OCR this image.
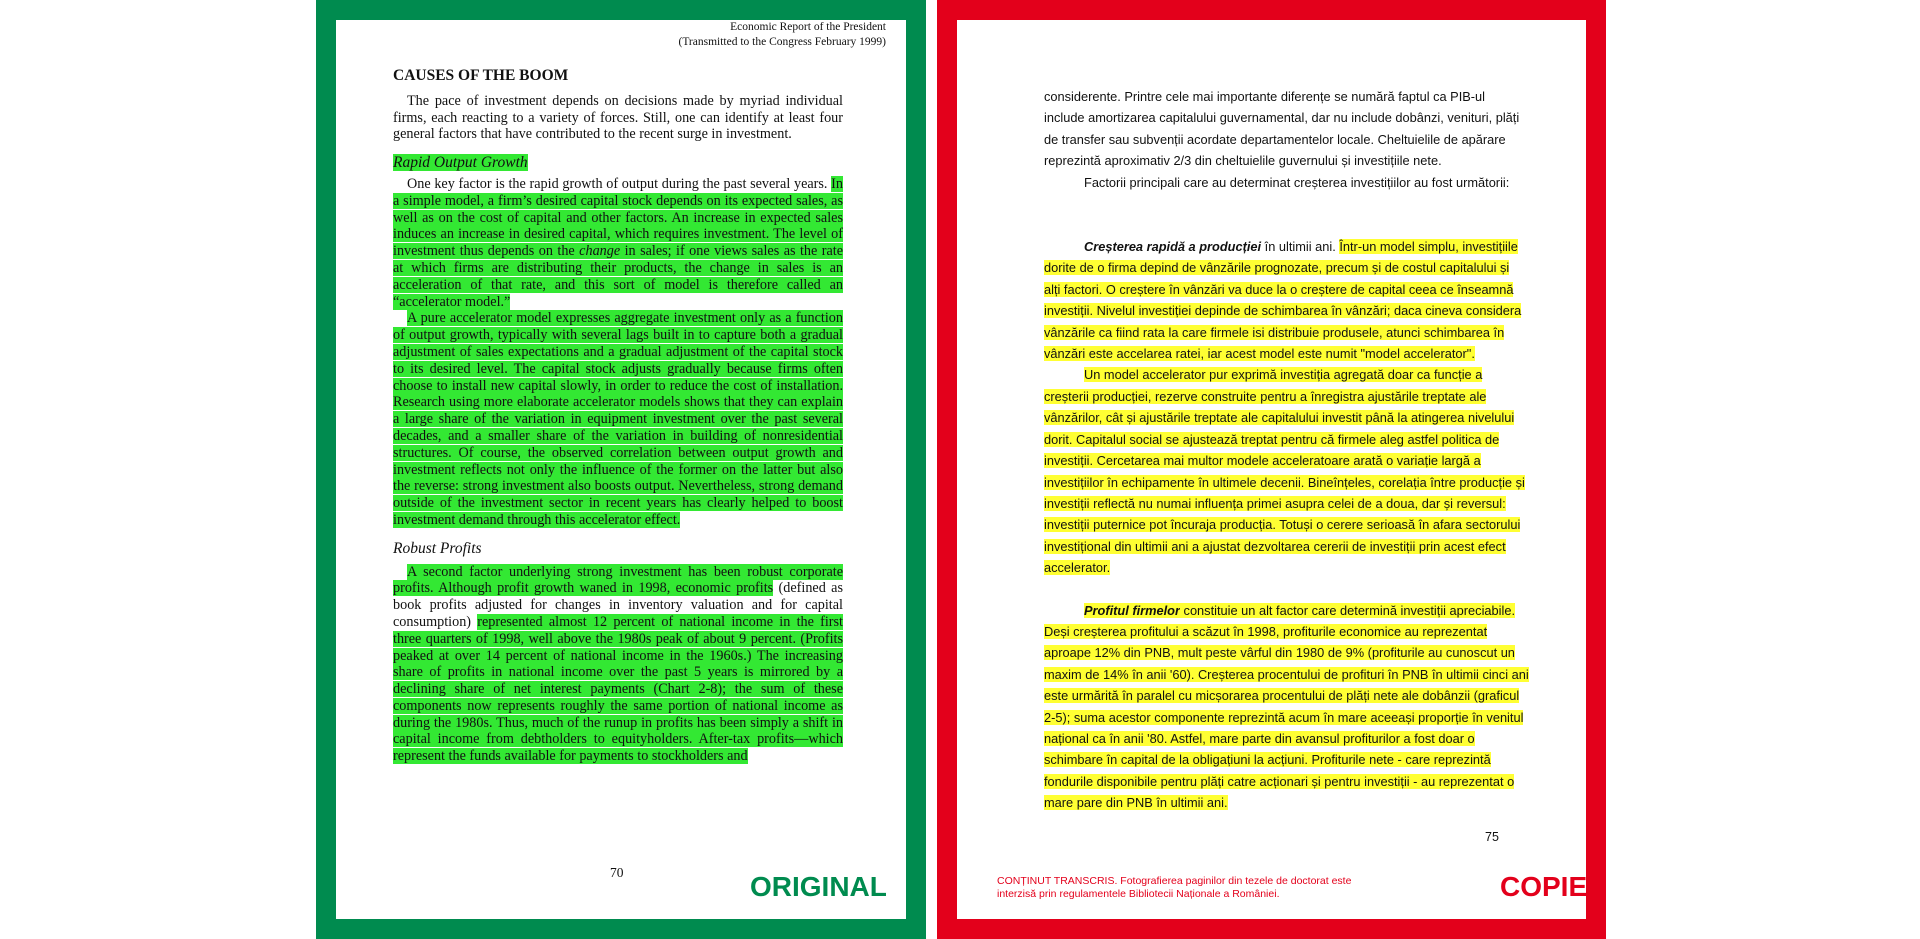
Economic Report of the President
(Transmitted to the Congress February 1999)
CAUSES OF THE BOOM

The pace of investment depends on decisions made by myriad individual firms, each reacting to a variety of forces. Still, one can identify at least four general factors that have contributed to the recent surge in investment.

Rapid Output Growth

One key factor is the rapid growth of output during the past several years. In a simple model, a firm’s desired capital stock depends on its expected sales, as well as on the cost of capital and other factors. An increase in expected sales induces an increase in desired capital, which requires investment. The level of investment thus depends on the change in sales; if one views sales as the rate at which firms are distributing their products, the change in sales is an acceleration of that rate, and this sort of model is therefore called an “accelerator model.”

A pure accelerator model expresses aggregate investment only as a function of output growth, typically with several lags built in to capture both a gradual adjustment of sales expectations and a gradual adjustment of the capital stock to its desired level. The capital stock adjusts gradually because firms often choose to install new capital slowly, in order to reduce the cost of installation. Research using more elaborate accelerator models shows that they can explain a large share of the variation in equipment investment over the past several decades, and a smaller share of the variation in building of nonresidential structures. Of course, the observed correlation between output growth and investment reflects not only the influence of the former on the latter but also the reverse: strong investment also boosts output. Nevertheless, strong demand outside of the investment sector in recent years has clearly helped to boost investment demand through this accelerator effect.

Robust Profits

A second factor underlying strong investment has been robust corporate profits. Although profit growth waned in 1998, economic profits (defined as book profits adjusted for changes in inventory valuation and for capital consumption) represented almost 12 percent of national income in the first three quarters of 1998, well above the 1980s peak of about 9 percent. (Profits peaked at over 14 percent of national income in the 1960s.) The increasing share of profits in national income over the past 5 years is mirrored by a declining share of net interest payments (Chart 2-8); the sum of these components now represents roughly the same portion of national income as during the 1980s. Thus, much of the runup in profits has been simply a shift in capital income from debtholders to equityholders. After-tax profits—which represent the funds available for payments to stockholders and

70	ORIGINAL

considerente. Printre cele mai importante diferențe se numără faptul ca PIB-ul include amortizarea capitalului guvernamental, dar nu include dobânzi, venituri, plăți de transfer sau subvenții acordate departamentelor locale. Cheltuielile de apărare reprezintă aproximativ 2/3 din cheltuielile guvernului și investițiile nete.

Factorii principali care au determinat creșterea investițiilor au fost următorii:

Creșterea rapidă a producției în ultimii ani. Într-un model simplu, investițiile dorite de o firma depind de vânzările prognozate, precum și de costul capitalului și alți factori. O creștere în vânzări va duce la o creștere de capital ceea ce înseamnă investiții. Nivelul investiției depinde de schimbarea în vânzări; daca cineva considera vânzările ca fiind rata la care firmele isi distribuie produsele, atunci schimbarea în vânzări este accelarea ratei, iar acest model este numit "model accelerator".

Un model accelerator pur exprimă investiția agregată doar ca funcție a creșterii producției, rezerve construite pentru a înregistra ajustările treptate ale vânzărilor, cât și ajustările treptate ale capitalului investit până la atingerea nivelului dorit. Capitalul social se ajustează treptat pentru că firmele aleg astfel politica de investiții. Cercetarea mai multor modele acceleratoare arată o variație largă a investițiilor în echipamente în ultimele decenii. Bineînțeles, corelația între producție și investiții reflectă nu numai influența primei asupra celei de a doua, dar și reversul: investiții puternice pot încuraja producția. Totuși o cerere serioasă în afara sectorului investițional din ultimii ani a ajustat dezvoltarea cererii de investiții prin acest efect accelerator.

Profitul firmelor constituie un alt factor care determină investiții apreciabile. Deși creșterea profitului a scăzut în 1998, profiturile economice au reprezentat aproape 12% din PNB, mult peste vârful din 1980 de 9% (profiturile au cunoscut un maxim de 14% în anii '60). Creșterea procentului de profituri în PNB în ultimii cinci ani este urmărită în paralel cu micșorarea procentului de plăți nete ale dobânzii (graficul 2-5); suma acestor componente reprezintă acum în mare aceeași proporție în venitul național ca în anii '80. Astfel, mare parte din avansul profiturilor a fost doar o schimbare în capital de la obligațiuni la acțiuni. Profiturile nete - care reprezintă fondurile disponibile pentru plăți catre acționari și pentru investiții - au reprezentat o mare pare din PNB în ultimii ani.

75
CONȚINUT TRANSCRIS. Fotografierea paginilor din tezele de doctorat este
interzisă prin regulamentele Bibliotecii Naționale a României.	COPIE
